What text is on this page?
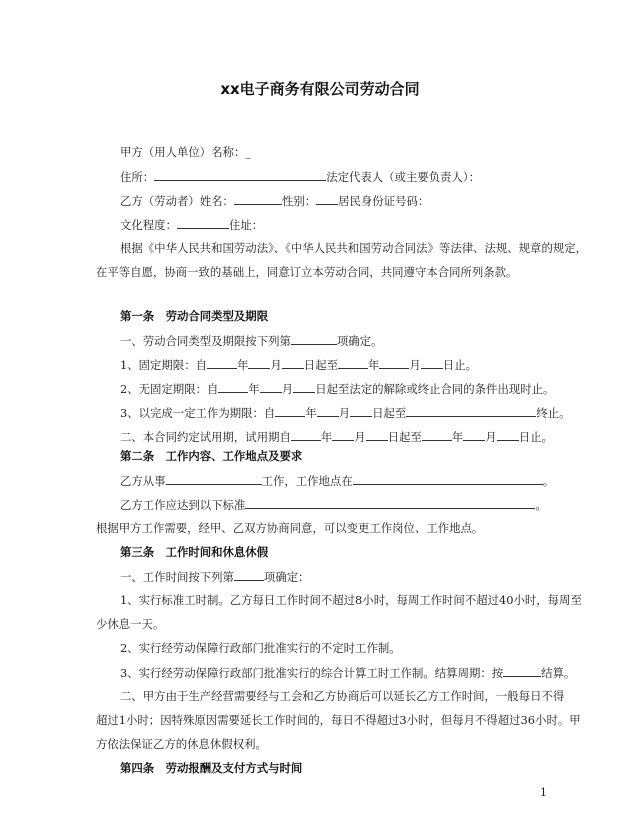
xx电子商务有限公司劳动合同
甲方（用人单位）名称：_
住所：	法定代表人（或主要负责人）：
乙方（劳动者）姓名：	性别： 居民身份证号码：
文化程度：	住址：
根据《中华人民共和国劳动法》、《中华人民共和国劳动合同法》等法律、法规、规章的规定，
在平等自愿，协商一致的基础上，同意订立本劳动合同，共同遵守本合同所列条款。
第一条　劳动合同类型及期限
一、劳动合同类型及期限按下列第	项确定。
1、固定期限：自	年 月 日起至	年	月 日止。
2、无固定期限：自	年 月 日起至法定的解除或终止合同的条件出现时止。
3、以完成一定工作为期限：自	年 月 日起至	终止。
二、本合同约定试用期，试用期自	年 月 日起至	年 月 日止。
第二条　工作内容、工作地点及要求
乙方从事	工作，工作地点在	。
乙方工作应达到以下标准	。
根据甲方工作需要，经甲、乙双方协商同意，可以变更工作岗位、工作地点。
第三条　工作时间和休息休假
一、工作时间按下列第	项确定：
1、实行标准工时制。乙方每日工作时间不超过8小时，每周工作时间不超过40小时，每周至
少休息一天。
2、实行经劳动保障行政部门批准实行的不定时工作制。
3、实行经劳动保障行政部门批准实行的综合计算工时工作制。结算周期：按	结算。
二、甲方由于生产经营需要经与工会和乙方协商后可以延长乙方工作时间，一般每日不得
超过1小时；因特殊原因需要延长工作时间的，每日不得超过3小时，但每月不得超过36小时。甲
方依法保证乙方的休息休假权利。
第四条　劳动报酬及支付方式与时间
1
